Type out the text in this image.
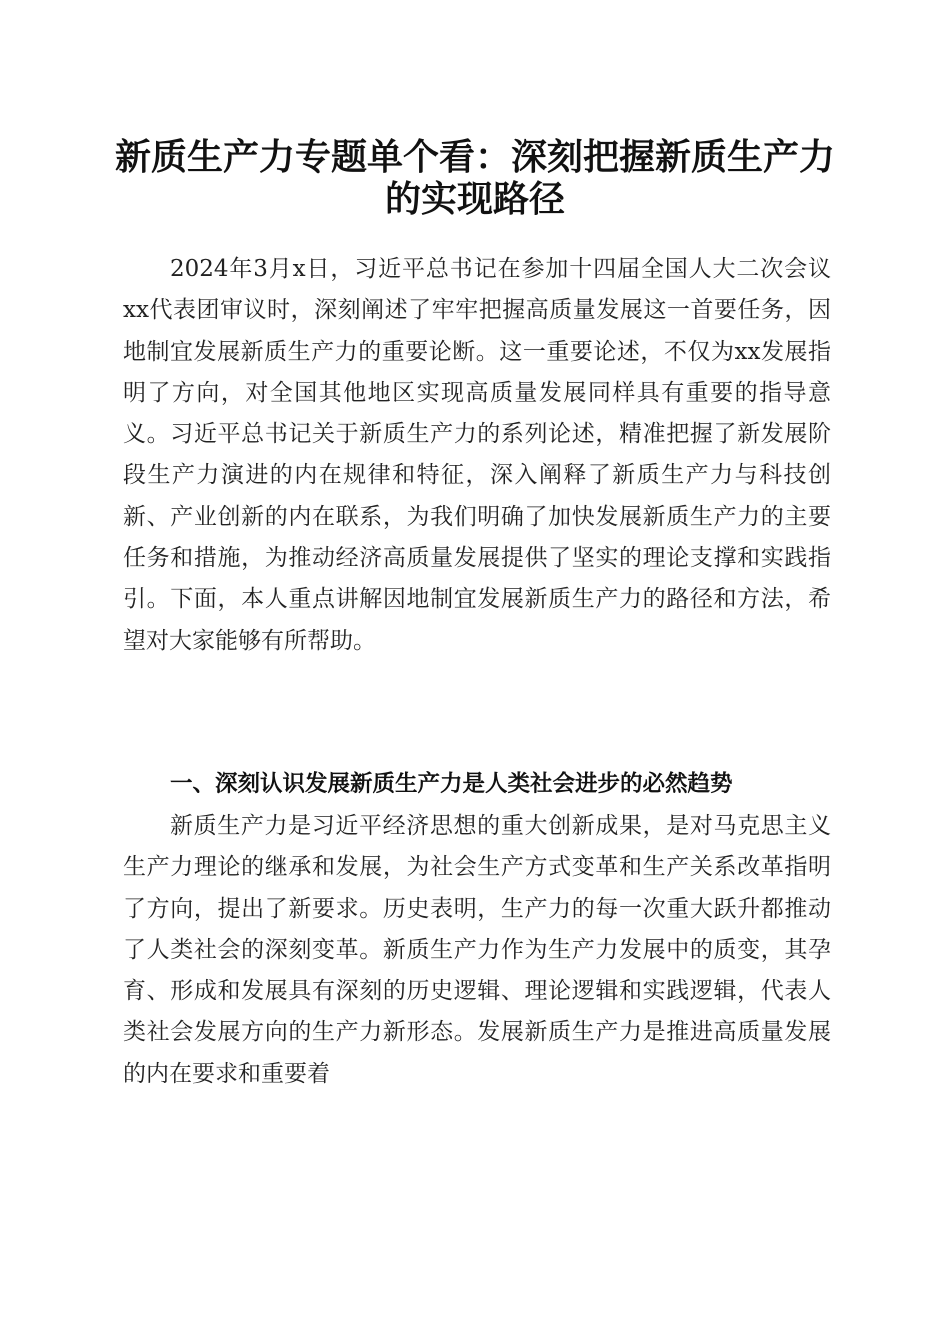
新质生产力专题单个看：深刻把握新质生产力的实现路径

2024年3月x日，习近平总书记在参加十四届全国人大二次会议xx代表团审议时，深刻阐述了牢牢把握高质量发展这一首要任务，因地制宜发展新质生产力的重要论断。这一重要论述，不仅为xx发展指明了方向，对全国其他地区实现高质量发展同样具有重要的指导意义。习近平总书记关于新质生产力的系列论述，精准把握了新发展阶段生产力演进的内在规律和特征，深入阐释了新质生产力与科技创新、产业创新的内在联系，为我们明确了加快发展新质生产力的主要任务和措施，为推动经济高质量发展提供了坚实的理论支撑和实践指引。下面，本人重点讲解因地制宜发展新质生产力的路径和方法，希望对大家能够有所帮助。

一、深刻认识发展新质生产力是人类社会进步的必然趋势

新质生产力是习近平经济思想的重大创新成果，是对马克思主义生产力理论的继承和发展，为社会生产方式变革和生产关系改革指明了方向，提出了新要求。历史表明，生产力的每一次重大跃升都推动了人类社会的深刻变革。新质生产力作为生产力发展中的质变，其孕育、形成和发展具有深刻的历史逻辑、理论逻辑和实践逻辑，代表人类社会发展方向的生产力新形态。发展新质生产力是推进高质量发展的内在要求和重要着
